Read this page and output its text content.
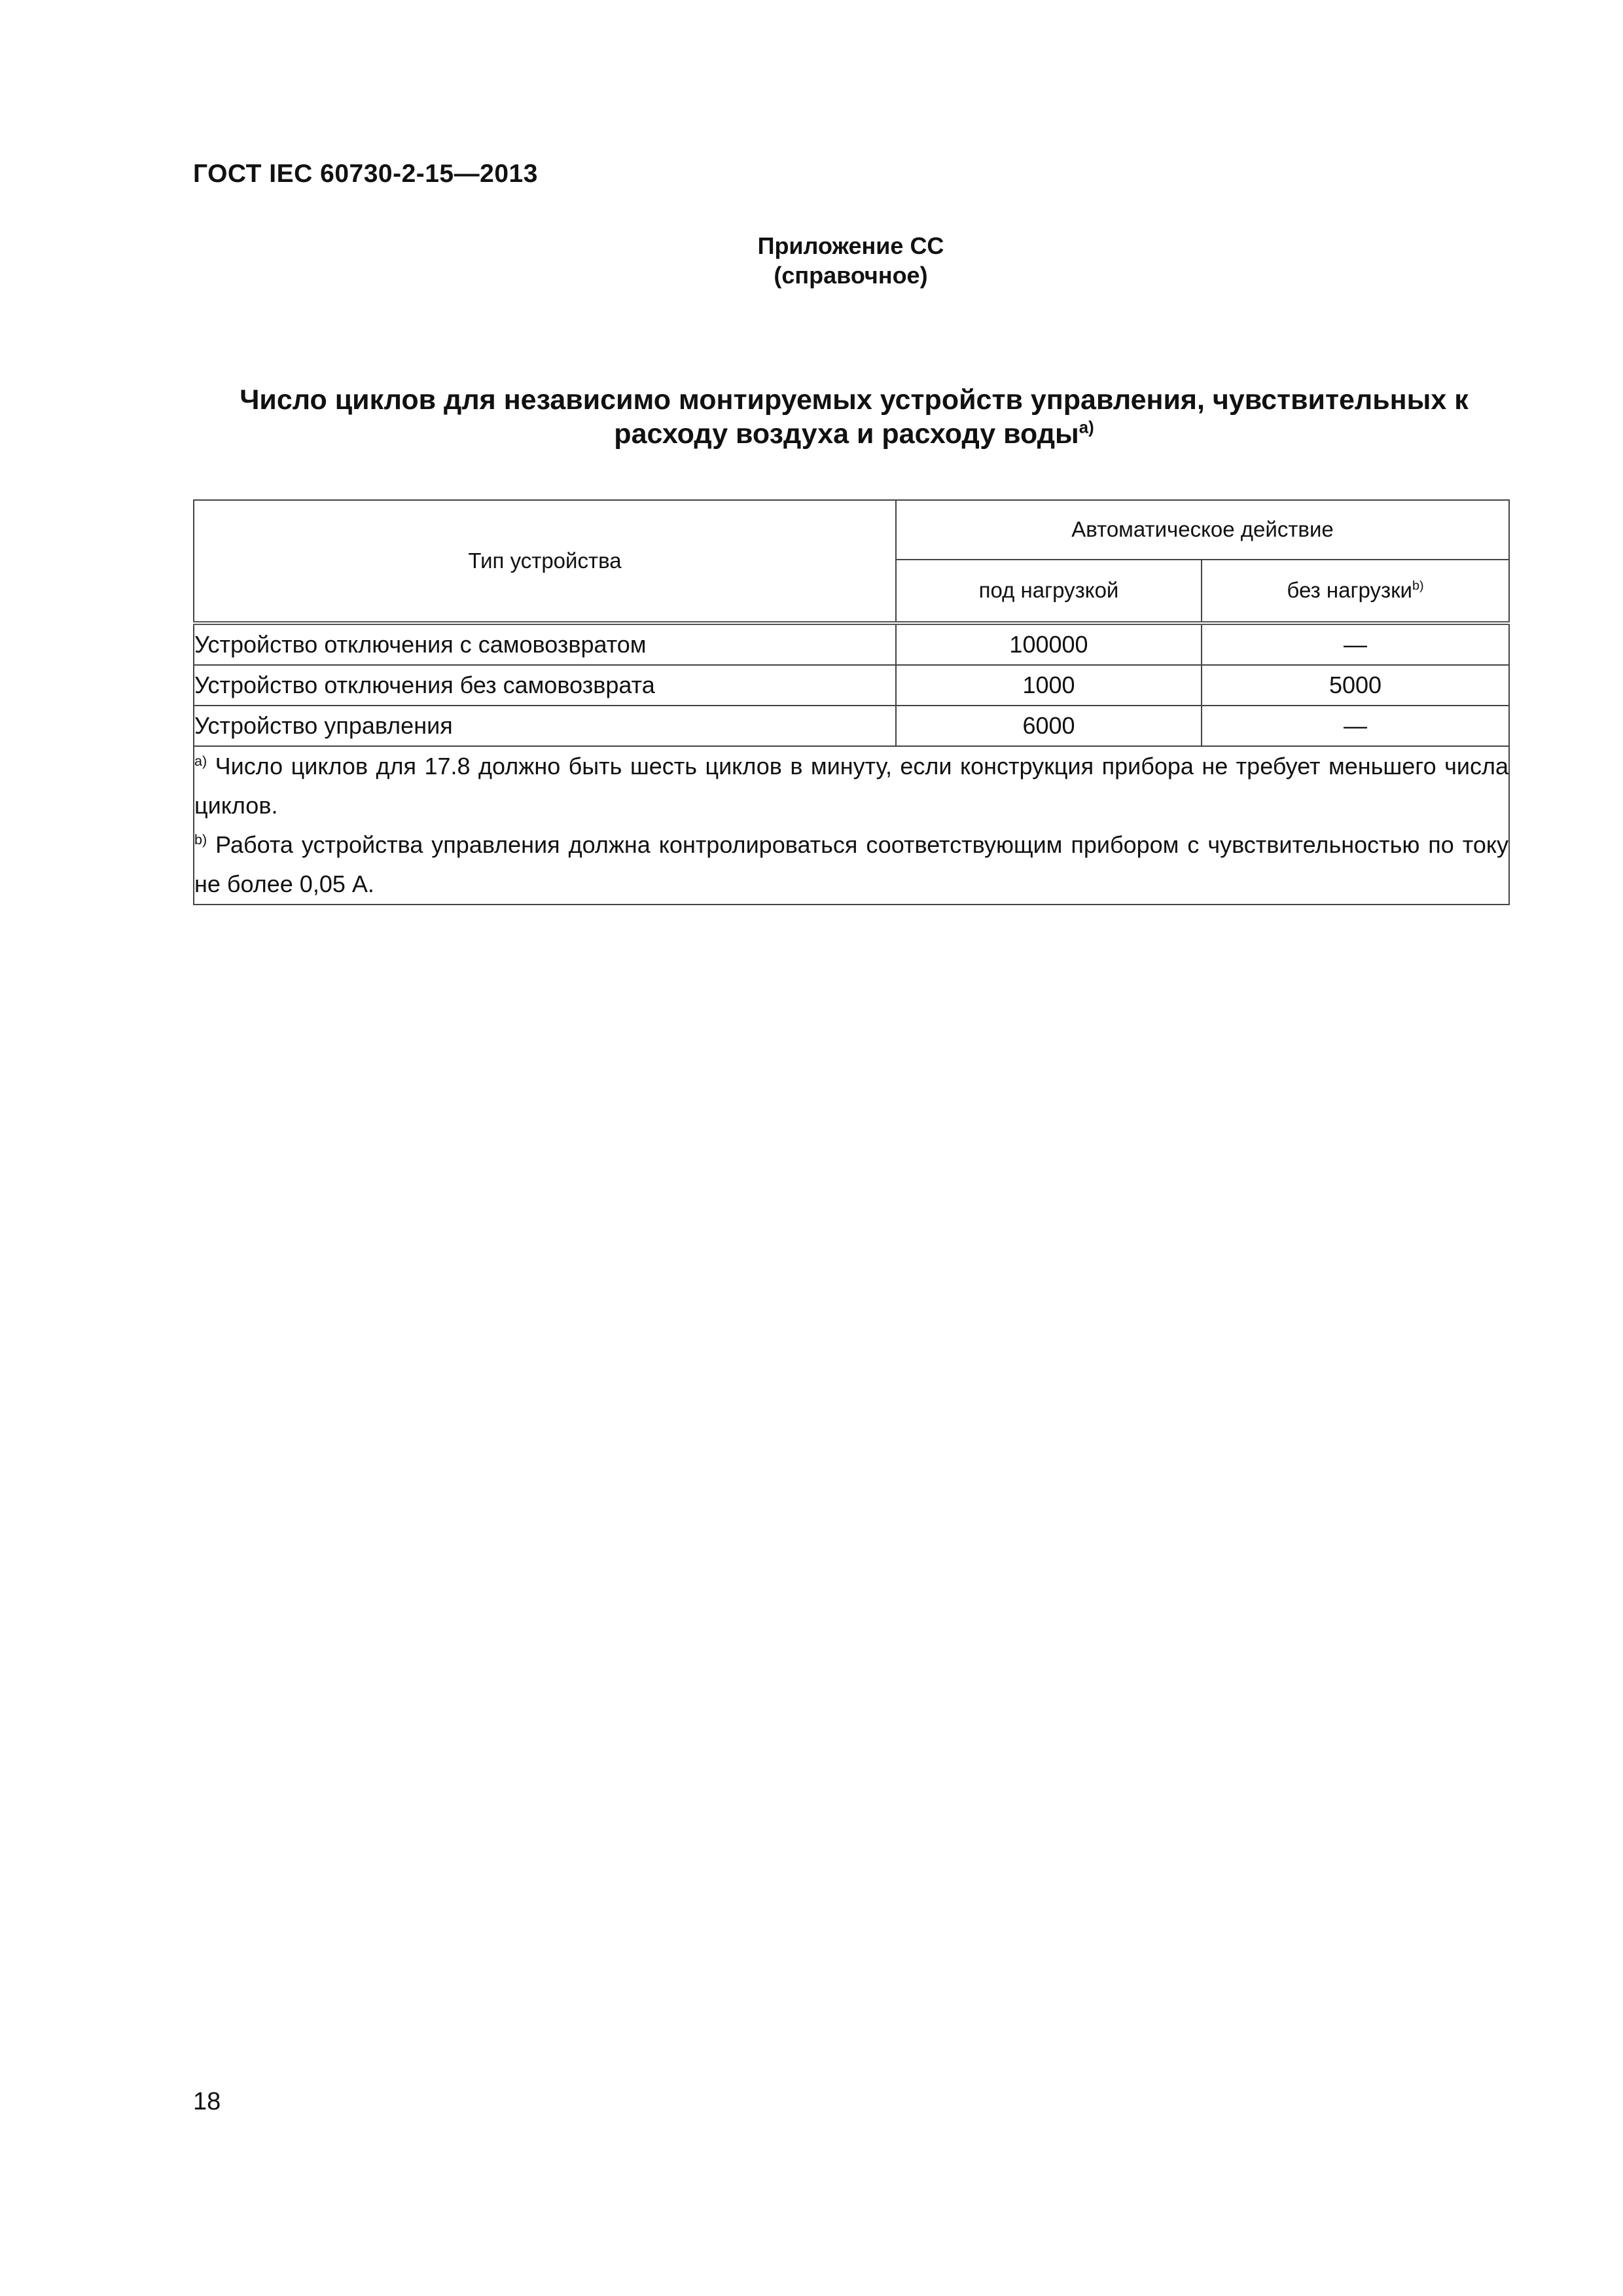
ГОСТ IEC 60730-2-15—2013
Приложение СС
(справочное)
Число циклов для независимо монтируемых устройств управления, чувствительных к расходу воздуха и расходу воды$^{а)}$
Тип устройства	Автоматическое действие	
	под нагрузкой	без нагрузки$^{b)}$
Устройство отключения с самовозвратом	100000	—
Устройство отключения без самовозврата	1000	5000
Устройство управления	6000	—

$^{а)}$ Число циклов для 17.8 должно быть шесть циклов в минуту, если конструкция прибора не требует меньшего числа циклов.

$^{b)}$ Работа устройства управления должна контролироваться соответствующим прибором с чувствительностью по току не более 0,05 А.		

18
